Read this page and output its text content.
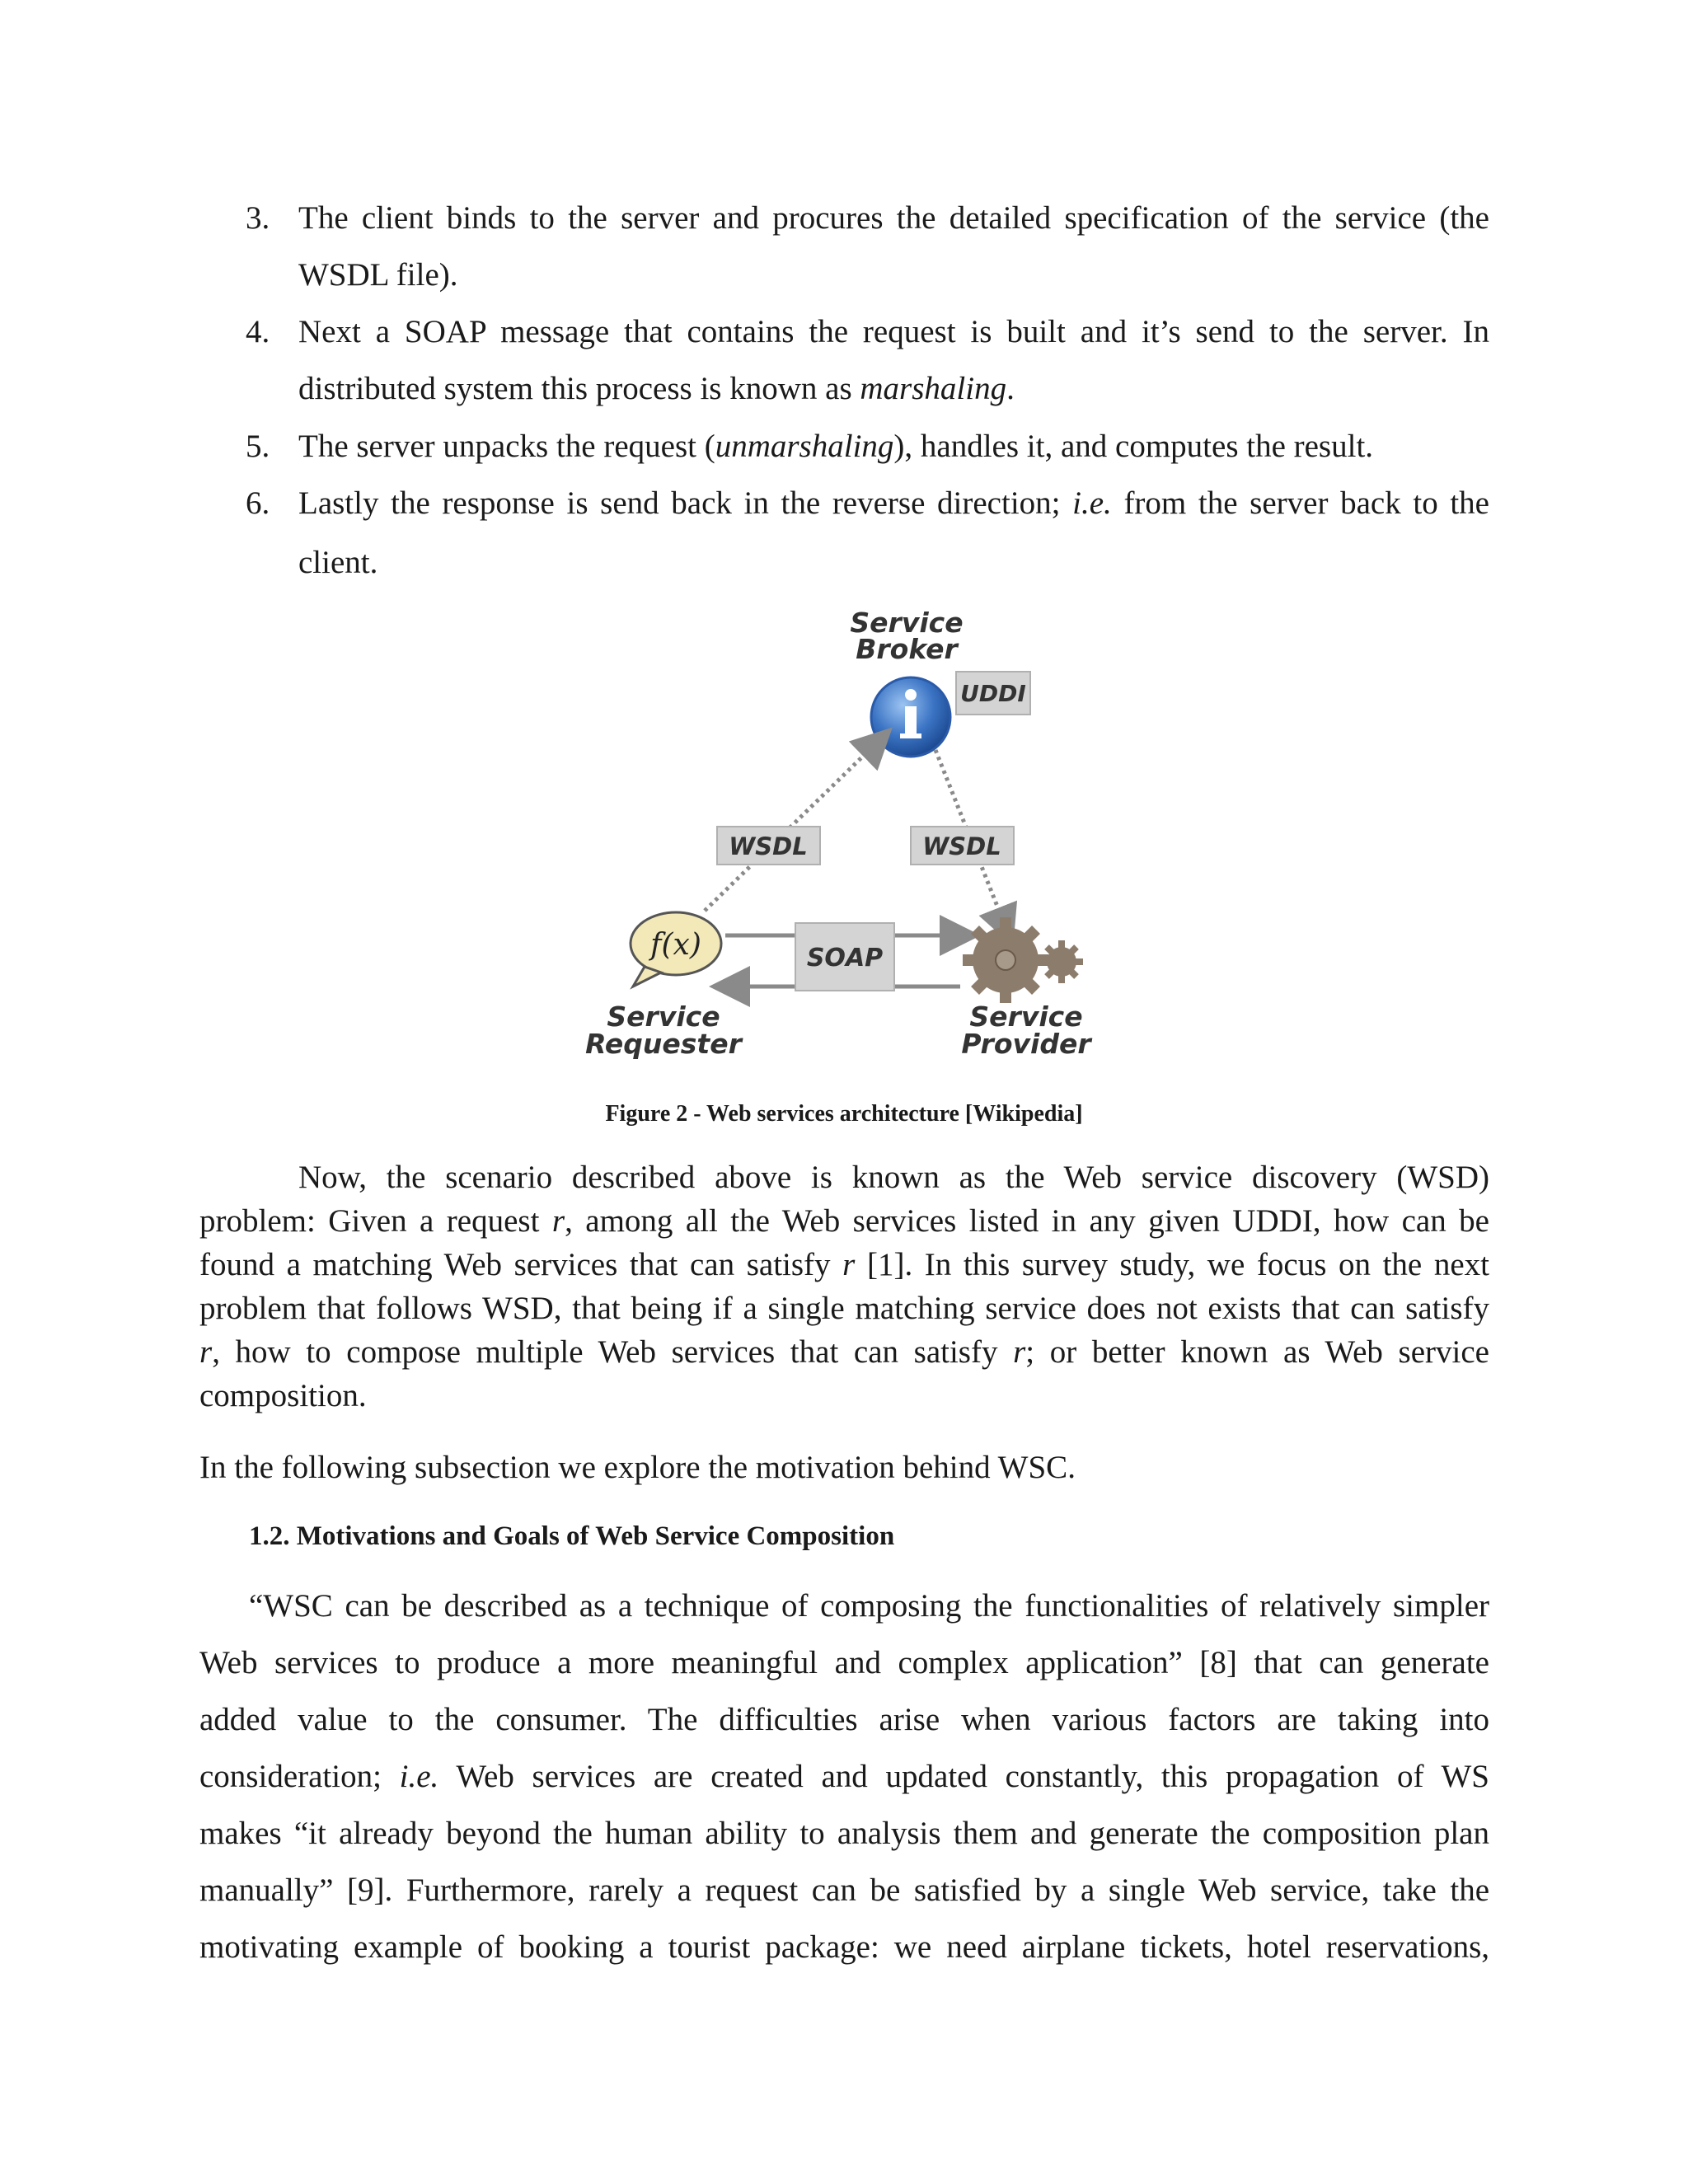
3. The client binds to the server and procures the detailed specification of the service (the
WSDL file).
4. Next a SOAP message that contains the request is built and it’s send to the server. In
distributed system this process is known as marshaling.
5. The server unpacks the request (unmarshaling), handles it, and computes the result.
6. Lastly the response is send back in the reverse direction; i.e. from the server back to the
client.
Service
Broker
UDDI
WSDL	WSDL
f(x)	SOAP
Service
Requester
Service
Provider
Figure 2 - Web services architecture [Wikipedia]
Now, the scenario described above is known as the Web service discovery (WSD)
problem: Given a request r, among all the Web services listed in any given UDDI, how can be
found a matching Web services that can satisfy r [1]. In this survey study, we focus on the next
problem that follows WSD, that being if a single matching service does not exists that can satisfy
r, how to compose multiple Web services that can satisfy r; or better known as Web service
composition.
In the following subsection we explore the motivation behind WSC.
1.2. Motivations and Goals of Web Service Composition
“WSC can be described as a technique of composing the functionalities of relatively simpler
Web services to produce a more meaningful and complex application” [8] that can generate
added value to the consumer. The difficulties arise when various factors are taking into
consideration; i.e. Web services are created and updated constantly, this propagation of WS
makes “it already beyond the human ability to analysis them and generate the composition plan
manually” [9]. Furthermore, rarely a request can be satisfied by a single Web service, take the
motivating example of booking a tourist package: we need airplane tickets, hotel reservations,
